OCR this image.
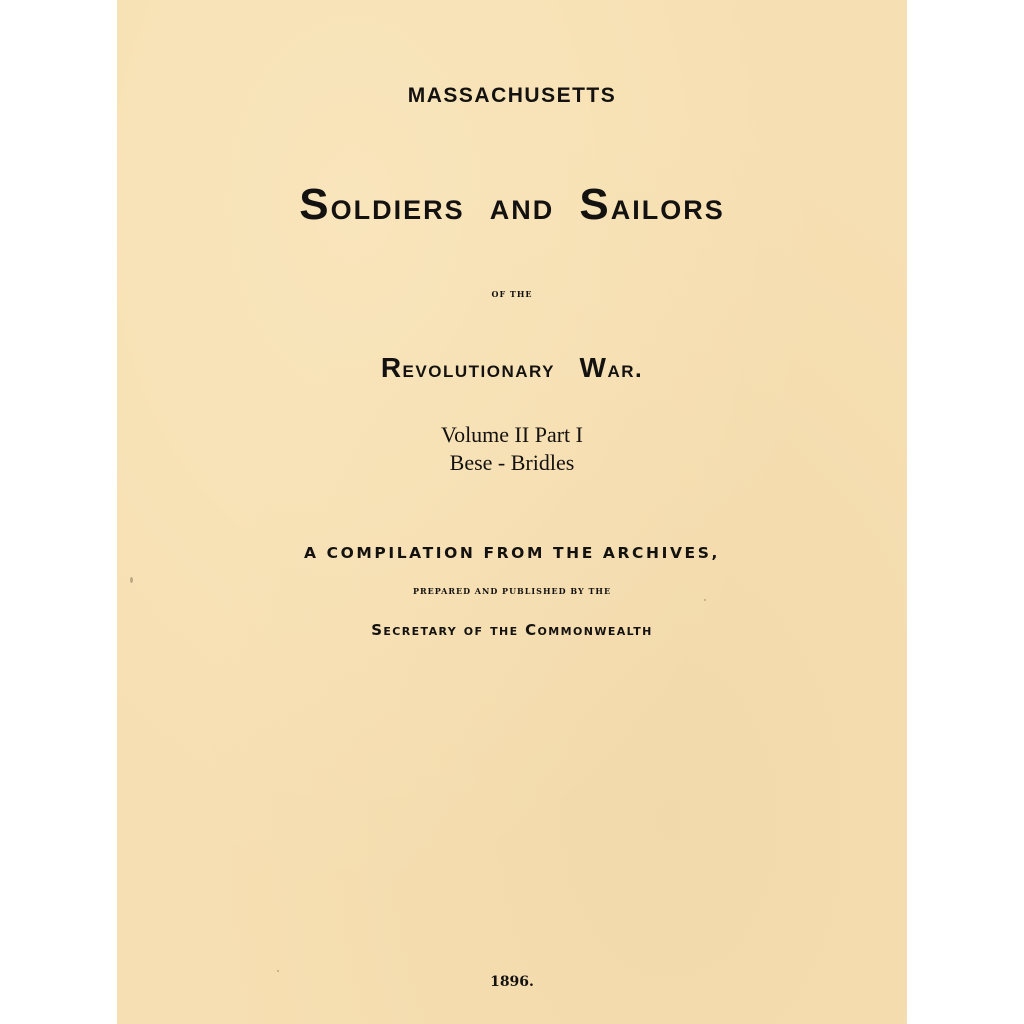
MASSACHUSETTS
Soldiers and Sailors
OF THE
Revolutionary War.
Volume II Part I
Bese - Bridles
A COMPILATION FROM THE ARCHIVES,
PREPARED AND PUBLISHED BY THE
Secretary of the Commonwealth
1896.
